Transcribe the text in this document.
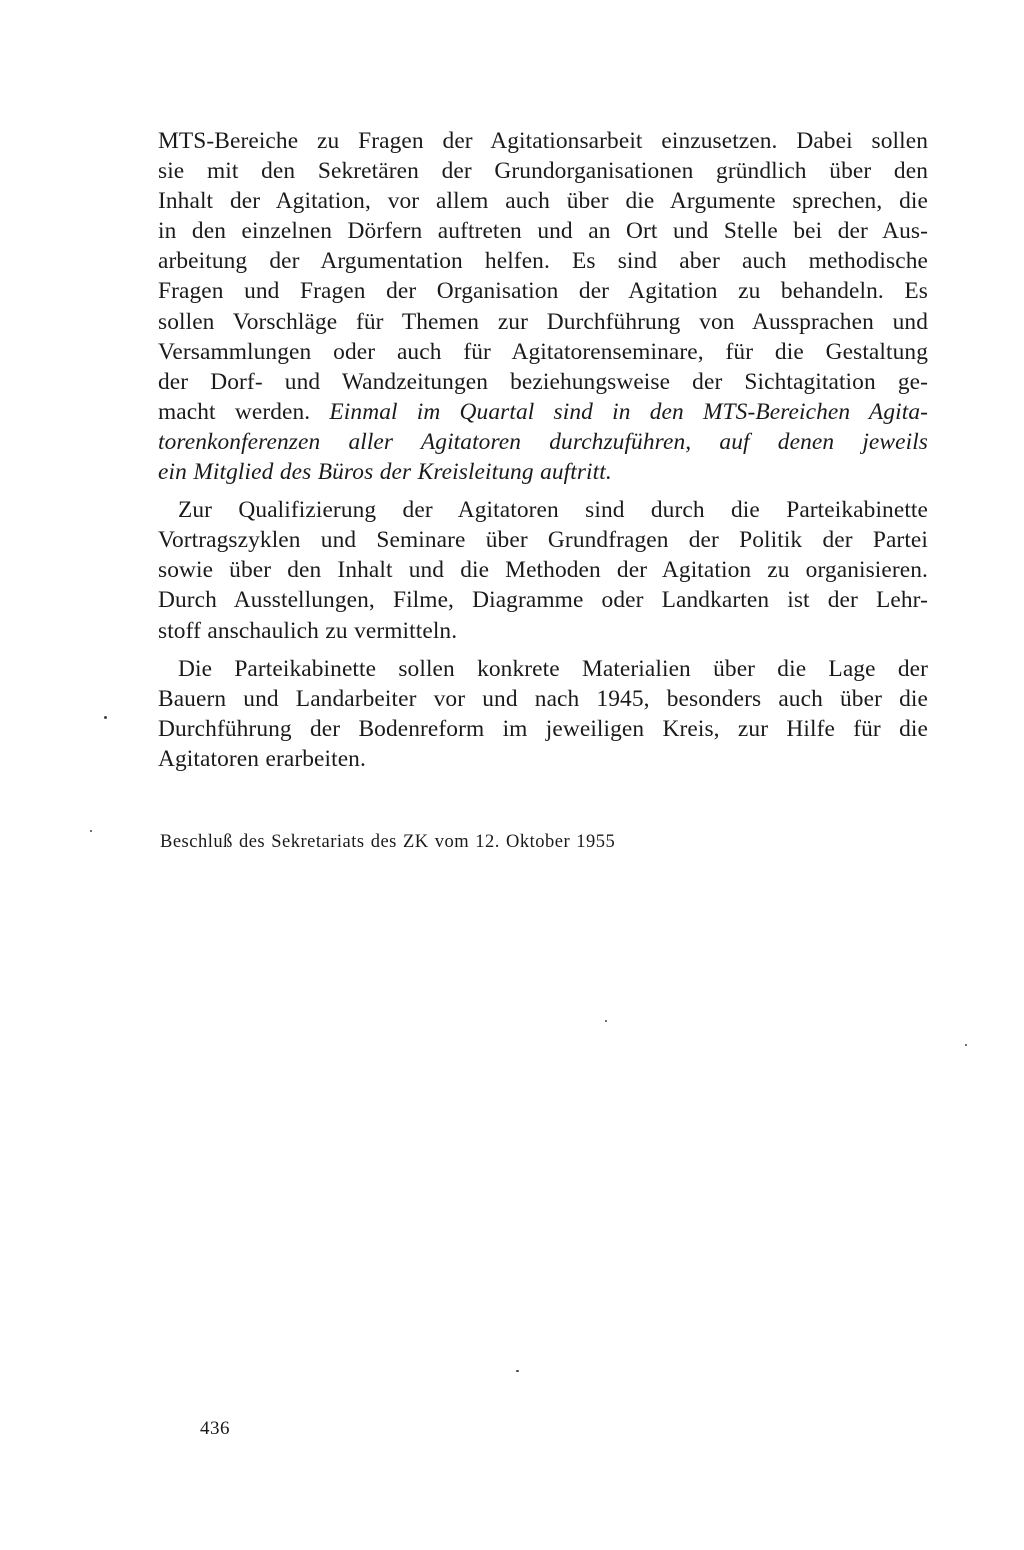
MTS-Bereiche zu Fragen der Agitationsarbeit einzusetzen. Dabei sollen
sie mit den Sekretären der Grundorganisationen gründlich über den
Inhalt der Agitation, vor allem auch über die Argumente sprechen, die
in den einzelnen Dörfern auftreten und an Ort und Stelle bei der Aus-
arbeitung der Argumentation helfen. Es sind aber auch methodische
Fragen und Fragen der Organisation der Agitation zu behandeln. Es
sollen Vorschläge für Themen zur Durchführung von Aussprachen und
Versammlungen oder auch für Agitatorenseminare, für die Gestaltung
der Dorf- und Wandzeitungen beziehungsweise der Sichtagitation ge-
macht werden. Einmal im Quartal sind in den MTS-Bereichen Agita-
torenkonferenzen aller Agitatoren durchzuführen, auf denen jeweils
ein Mitglied des Büros der Kreisleitung auftritt.
Zur Qualifizierung der Agitatoren sind durch die Parteikabinette
Vortragszyklen und Seminare über Grundfragen der Politik der Partei
sowie über den Inhalt und die Methoden der Agitation zu organisieren.
Durch Ausstellungen, Filme, Diagramme oder Landkarten ist der Lehr-
stoff anschaulich zu vermitteln.
Die Parteikabinette sollen konkrete Materialien über die Lage der
Bauern und Landarbeiter vor und nach 1945, besonders auch über die
Durchführung der Bodenreform im jeweiligen Kreis, zur Hilfe für die
Agitatoren erarbeiten.
Beschluß des Sekretariats des ZK vom 12. Oktober 1955
436
